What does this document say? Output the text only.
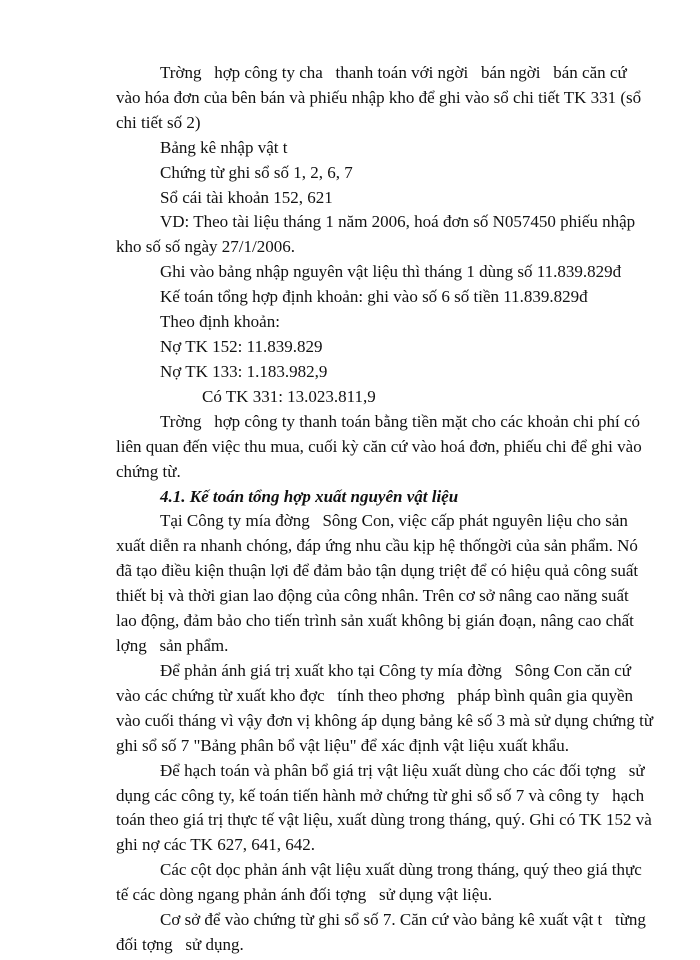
Trờng   hợp công ty cha   thanh toán với ngời   bán ngời   bán căn cứ
vào hóa đơn của bên bán và phiếu nhập kho để ghi vào sổ chi tiết TK 331 (sổ
chi tiết số 2)
Bảng kê nhập vật t
Chứng từ ghi sổ số 1, 2, 6, 7
Sổ cái tài khoản 152, 621
VD: Theo tài liệu tháng 1 năm 2006, hoá đơn số N057450 phiếu nhập
kho số số ngày 27/1/2006.
Ghi vào bảng nhập nguyên vật liệu thì tháng 1 dùng số 11.839.829đ
Kế toán tổng hợp định khoản: ghi vào số 6 số tiền 11.839.829đ
Theo định khoản:
Nợ TK 152: 11.839.829
Nợ TK 133: 1.183.982,9
Có TK 331: 13.023.811,9
Trờng   hợp công ty thanh toán bằng tiền mặt cho các khoản chi phí có
liên quan đến việc thu mua, cuối kỳ căn cứ vào hoá đơn, phiếu chi để ghi vào
chứng từ.
4.1. Kế toán tổng hợp xuất nguyên vật liệu
Tại Công ty mía đờng   Sông Con, việc cấp phát nguyên liệu cho sản
xuất diễn ra nhanh chóng, đáp ứng nhu cầu kịp hệ thốngời của sản phẩm. Nó
đã tạo điều kiện thuận lợi để đảm bảo tận dụng triệt để có hiệu quả công suất
thiết bị và thời gian lao động của công nhân. Trên cơ sở nâng cao năng suất
lao động, đảm bảo cho tiến trình sản xuất không bị gián đoạn, nâng cao chất
lợng   sản phẩm.
Để phản ánh giá trị xuất kho tại Công ty mía đờng   Sông Con căn cứ
vào các chứng từ xuất kho đợc   tính theo phơng   pháp bình quân gia quyền
vào cuối tháng vì vậy đơn vị không áp dụng bảng kê số 3 mà sử dụng chứng từ
ghi sổ số 7 "Bảng phân bổ vật liệu" để xác định vật liệu xuất khẩu.
Để hạch toán và phân bổ giá trị vật liệu xuất dùng cho các đối tợng   sử
dụng các công ty, kế toán tiến hành mở chứng từ ghi sổ số 7 và công ty   hạch
toán theo giá trị thực tế vật liệu, xuất dùng trong tháng, quý. Ghi có TK 152 và
ghi nợ các TK 627, 641, 642.
Các cột dọc phản ánh vật liệu xuất dùng trong tháng, quý theo giá thực
tế các dòng ngang phản ánh đối tợng   sử dụng vật liệu.
Cơ sở để vào chứng từ ghi sổ số 7. Căn cứ vào bảng kê xuất vật t   từng
đối tợng   sử dụng.
